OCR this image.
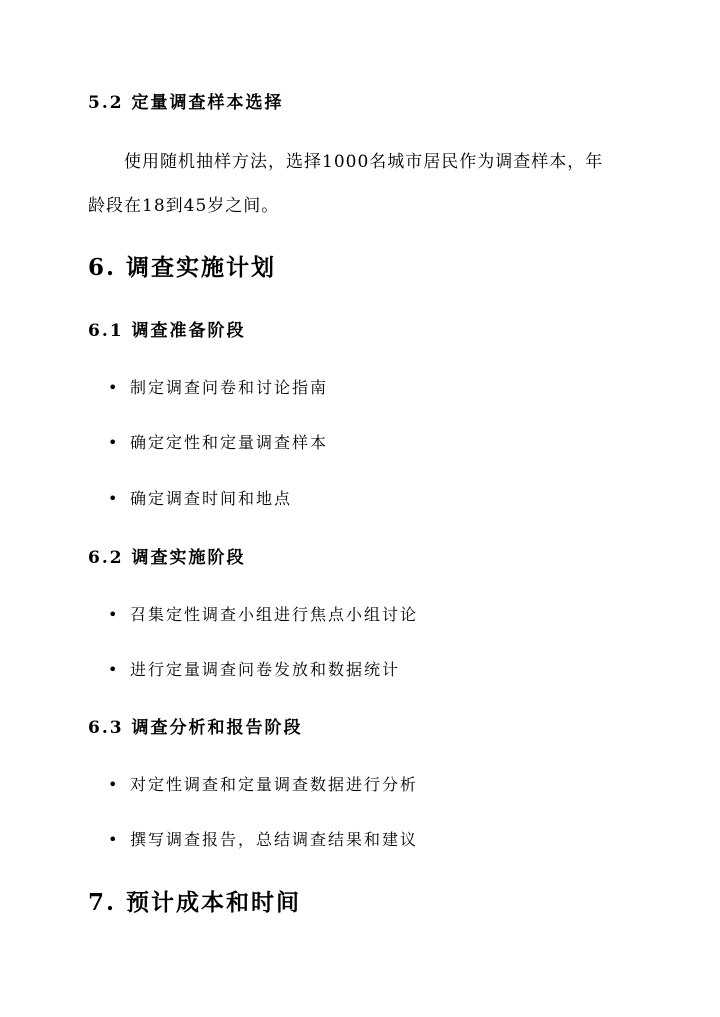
5.2 定量调查样本选择
使用随机抽样方法，选择1000名城市居民作为调查样本，年
龄段在18到45岁之间。
6. 调查实施计划
6.1 调查准备阶段
• 制定调查问卷和讨论指南
• 确定定性和定量调查样本
• 确定调查时间和地点
6.2 调查实施阶段
• 召集定性调查小组进行焦点小组讨论
• 进行定量调查问卷发放和数据统计
6.3 调查分析和报告阶段
• 对定性调查和定量调查数据进行分析
• 撰写调查报告，总结调查结果和建议
7. 预计成本和时间
